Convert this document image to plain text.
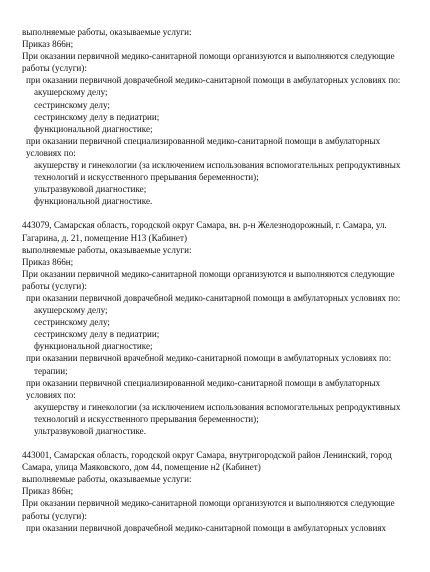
выполняемые работы, оказываемые услуги:
Приказ 866н;
При оказании первичной медико-санитарной помощи организуются и выполняются следующие работы (услуги):
при оказании первичной доврачебной медико-санитарной помощи в амбулаторных условиях по:
акушерскому делу;
сестринскому делу;
сестринскому делу в педиатрии;
функциональной диагностике;
при оказании первичной специализированной медико-санитарной помощи в амбулаторных условиях по:
акушерству и гинекологии (за исключением использования вспомогательных репродуктивных технологий и искусственного прерывания беременности);
ультразвуковой диагностике;
функциональной диагностике.
443079, Самарская область, городской округ Самара, вн. р-н Железнодорожный, г. Самара, ул. Гагарина, д. 21, помещение Н13 (Кабинет)
выполняемые работы, оказываемые услуги:
Приказ 866н;
При оказании первичной медико-санитарной помощи организуются и выполняются следующие работы (услуги):
при оказании первичной доврачебной медико-санитарной помощи в амбулаторных условиях по:
акушерскому делу;
сестринскому делу;
сестринскому делу в педиатрии;
функциональной диагностике;
при оказании первичной врачебной медико-санитарной помощи в амбулаторных условиях по:
терапии;
при оказании первичной специализированной медико-санитарной помощи в амбулаторных условиях по:
акушерству и гинекологии (за исключением использования вспомогательных репродуктивных технологий и искусственного прерывания беременности);
ультразвуковой диагностике.
443001, Самарская область, городской округ Самара, внутригородской район Ленинский, город Самара, улица Маяковского, дом 44, помещение н2 (Кабинет)
выполняемые работы, оказываемые услуги:
Приказ 866н;
При оказании первичной медико-санитарной помощи организуются и выполняются следующие работы (услуги):
при оказании первичной доврачебной медико-санитарной помощи в амбулаторных условиях
